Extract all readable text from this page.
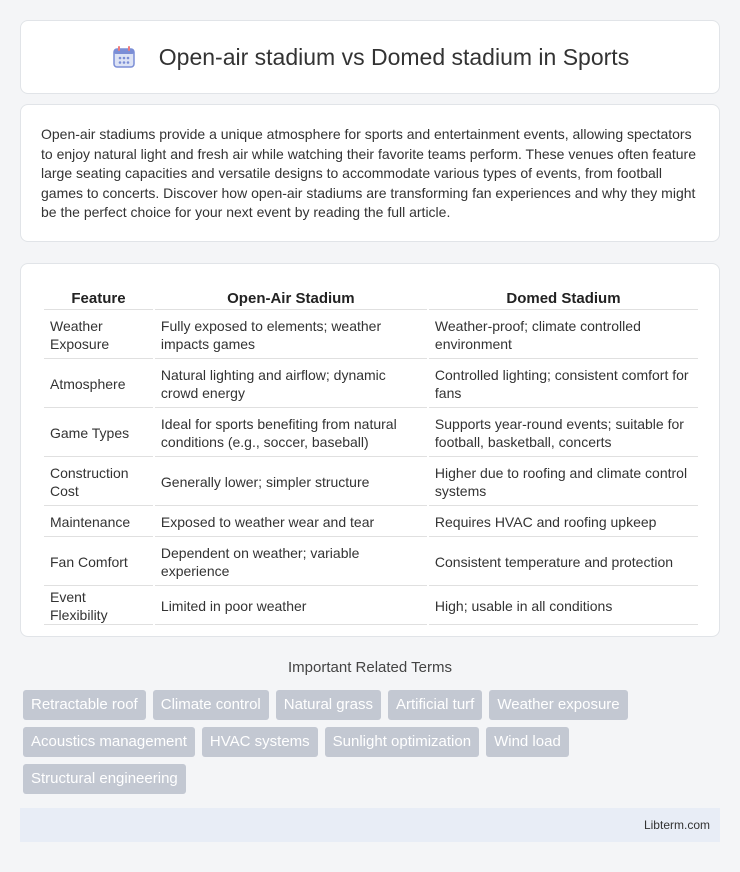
Open-air stadium vs Domed stadium in Sports

Open-air stadiums provide a unique atmosphere for sports and entertainment events, allowing spectators to enjoy natural light and fresh air while watching their favorite teams perform. These venues often feature large seating capacities and versatile designs to accommodate various types of events, from football games to concerts. Discover how open-air stadiums are transforming fan experiences and why they might be the perfect choice for your next event by reading the full article.

Feature	Open-Air Stadium	Domed Stadium
Weather Exposure	Fully exposed to elements; weather impacts games	Weather-proof; climate controlled environment
Atmosphere	Natural lighting and airflow; dynamic crowd energy	Controlled lighting; consistent comfort for fans
Game Types	Ideal for sports benefiting from natural conditions (e.g., soccer, baseball)	Supports year-round events; suitable for football, basketball, concerts
Construction Cost	Generally lower; simpler structure	Higher due to roofing and climate control systems
Maintenance	Exposed to weather wear and tear	Requires HVAC and roofing upkeep
Fan Comfort	Dependent on weather; variable experience	Consistent temperature and protection
Event Flexibility	Limited in poor weather	High; usable in all conditions
Important Related Terms
Retractable roof	Climate control	Natural grass	Artificial turf	Weather exposure
Acoustics management	HVAC systems	Sunlight optimization	Wind load
Structural engineering
Libterm.com
